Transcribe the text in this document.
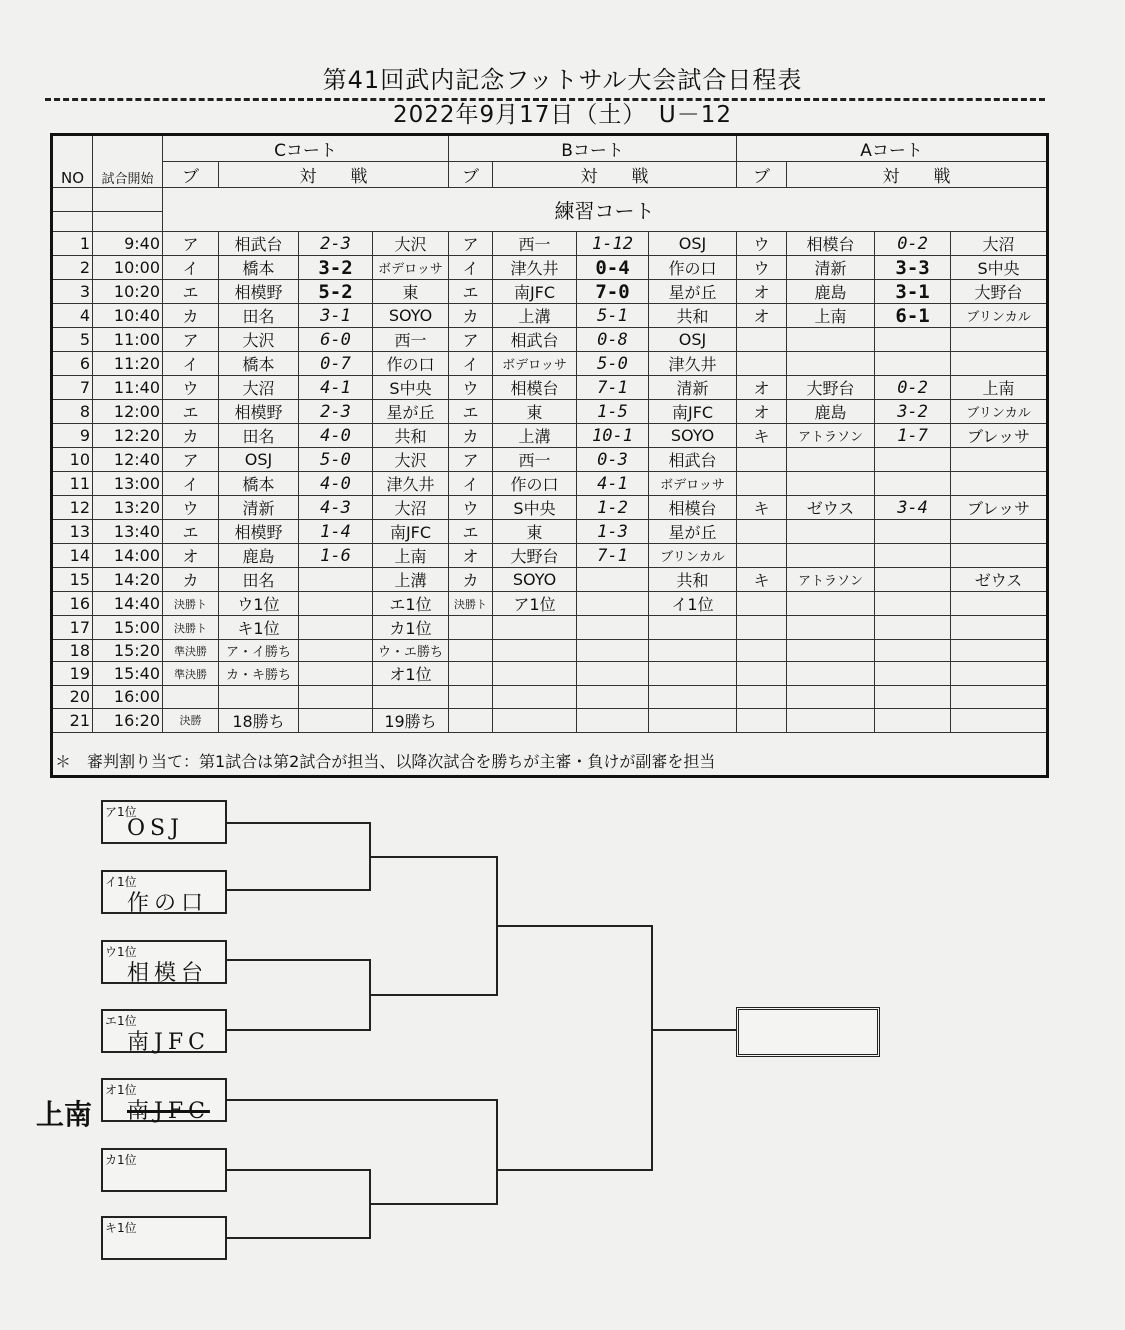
第41回武内記念フットサル大会試合日程表
2022年9月17日（土）　U－12
NO	試合開始	Cコート				Bコート				Aコート			
		ブ	対　　戦			ブ	対　　戦			ブ	対　　戦		
		練習コート											

1	9:40	ア	相武台	2-3	大沢	ア	西一	1-12	OSJ	ウ	相模台	0-2	大沼
2	10:00	イ	橋本	3-2	ボデロッサ	イ	津久井	0-4	作の口	ウ	清新	3-3	S中央
3	10:20	エ	相模野	5-2	東	エ	南JFC	7-0	星が丘	オ	鹿島	3-1	大野台
4	10:40	カ	田名	3-1	SOYO	カ	上溝	5-1	共和	オ	上南	6-1	ブリンカル
5	11:00	ア	大沢	6-0	西一	ア	相武台	0-8	OSJ				
6	11:20	イ	橋本	0-7	作の口	イ	ボデロッサ	5-0	津久井				
7	11:40	ウ	大沼	4-1	S中央	ウ	相模台	7-1	清新	オ	大野台	0-2	上南
8	12:00	エ	相模野	2-3	星が丘	エ	東	1-5	南JFC	オ	鹿島	3-2	ブリンカル
9	12:20	カ	田名	4-0	共和	カ	上溝	10-1	SOYO	キ	アトラソン	1-7	ブレッサ
10	12:40	ア	OSJ	5-0	大沢	ア	西一	0-3	相武台				
11	13:00	イ	橋本	4-0	津久井	イ	作の口	4-1	ボデロッサ				
12	13:20	ウ	清新	4-3	大沼	ウ	S中央	1-2	相模台	キ	ゼウス	3-4	ブレッサ
13	13:40	エ	相模野	1-4	南JFC	エ	東	1-3	星が丘				
14	14:00	オ	鹿島	1-6	上南	オ	大野台	7-1	ブリンカル				
15	14:20	カ	田名		上溝	カ	SOYO		共和	キ	アトラソン		ゼウス
16	14:40	決勝ト	ウ1位		エ1位	決勝ト	ア1位		イ1位				
17	15:00	決勝ト	キ1位		カ1位								
18	15:20	準決勝	ア・イ勝ち		ウ・エ勝ち								
19	15:40	準決勝	カ・キ勝ち		オ1位								
20	16:00												
21	16:20	決勝	18勝ち		19勝ち								

＊　審判割り当て：第1試合は第2試合が担当、以降次試合を勝ちが主審・負けが副審を担当													
ア1位
OSJ
イ1位
作の口
ウ1位
相模台
エ1位
南JFC
オ1位
南JFC
カ1位
キ1位
上南
